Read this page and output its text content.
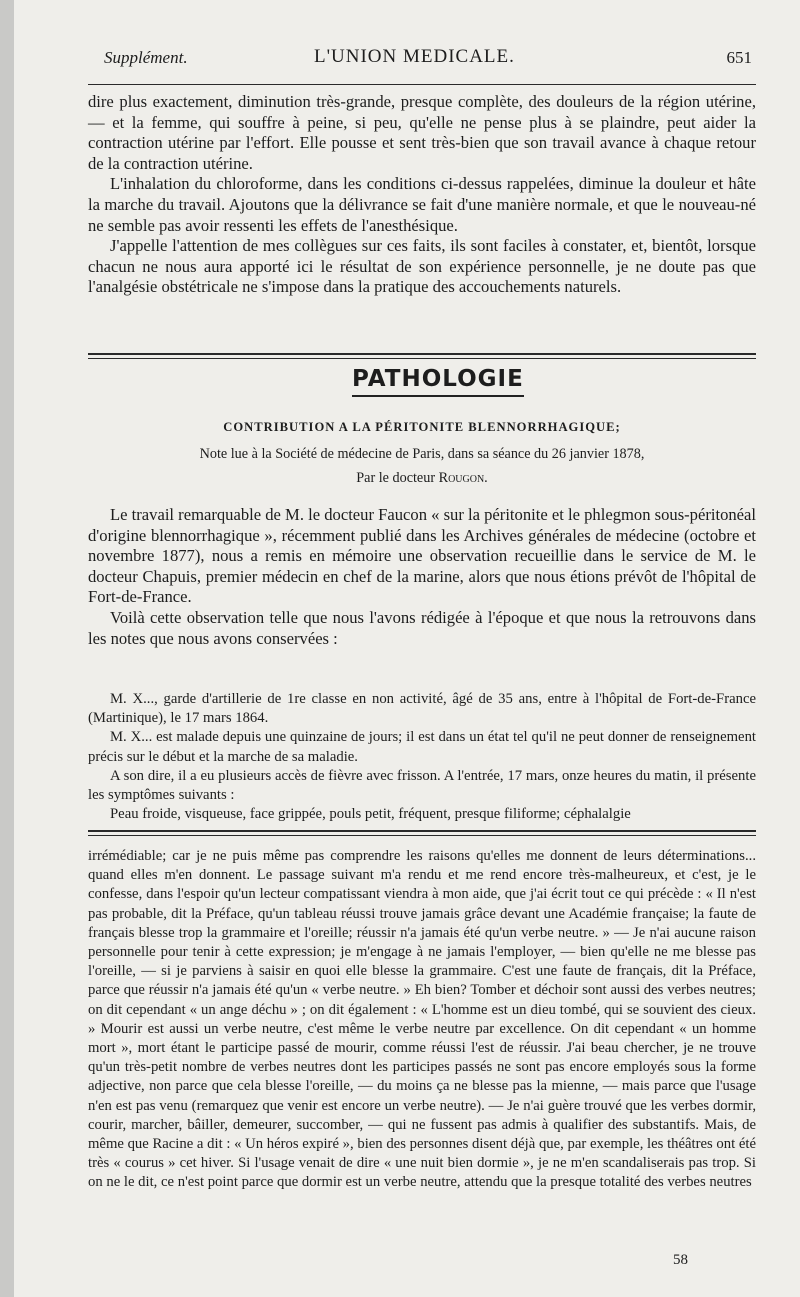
Supplément.	L'UNION MEDICALE.	651

dire plus exactement, diminution très-grande, presque complète, des douleurs de la région utérine, — et la femme, qui souffre à peine, si peu, qu'elle ne pense plus à se plaindre, peut aider la contraction utérine par l'effort. Elle pousse et sent très-bien que son travail avance à chaque retour de la contraction utérine.

L'inhalation du chloroforme, dans les conditions ci-dessus rappelées, diminue la douleur et hâte la marche du travail. Ajoutons que la délivrance se fait d'une manière normale, et que le nouveau-né ne semble pas avoir ressenti les effets de l'anesthésique.

J'appelle l'attention de mes collègues sur ces faits, ils sont faciles à constater, et, bientôt, lorsque chacun ne nous aura apporté ici le résultat de son expérience personnelle, je ne doute pas que l'analgésie obstétricale ne s'impose dans la pratique des accouchements naturels.

PATHOLOGIE
CONTRIBUTION A LA PÉRITONITE BLENNORRHAGIQUE;
Note lue à la Société de médecine de Paris, dans sa séance du 26 janvier 1878,
Par le docteur Rougon.

Le travail remarquable de M. le docteur Faucon « sur la péritonite et le phlegmon sous-péritonéal d'origine blennorrhagique », récemment publié dans les Archives générales de médecine (octobre et novembre 1877), nous a remis en mémoire une observation recueillie dans le service de M. le docteur Chapuis, premier médecin en chef de la marine, alors que nous étions prévôt de l'hôpital de Fort-de-France.

Voilà cette observation telle que nous l'avons rédigée à l'époque et que nous la retrouvons dans les notes que nous avons conservées :

M. X..., garde d'artillerie de 1re classe en non activité, âgé de 35 ans, entre à l'hôpital de Fort-de-France (Martinique), le 17 mars 1864.

M. X... est malade depuis une quinzaine de jours; il est dans un état tel qu'il ne peut donner de renseignement précis sur le début et la marche de sa maladie.

A son dire, il a eu plusieurs accès de fièvre avec frisson. A l'entrée, 17 mars, onze heures du matin, il présente les symptômes suivants :

Peau froide, visqueuse, face grippée, pouls petit, fréquent, presque filiforme; céphalalgie

irrémédiable; car je ne puis même pas comprendre les raisons qu'elles me donnent de leurs déterminations... quand elles m'en donnent. Le passage suivant m'a rendu et me rend encore très-malheureux, et c'est, je le confesse, dans l'espoir qu'un lecteur compatissant viendra à mon aide, que j'ai écrit tout ce qui précède : « Il n'est pas probable, dit la Préface, qu'un tableau réussi trouve jamais grâce devant une Académie française; la faute de français blesse trop la grammaire et l'oreille; réussir n'a jamais été qu'un verbe neutre. » — Je n'ai aucune raison personnelle pour tenir à cette expression; je m'engage à ne jamais l'employer, — bien qu'elle ne me blesse pas l'oreille, — si je parviens à saisir en quoi elle blesse la grammaire. C'est une faute de français, dit la Préface, parce que réussir n'a jamais été qu'un « verbe neutre. » Eh bien? Tomber et déchoir sont aussi des verbes neutres; on dit cependant « un ange déchu » ; on dit également : « L'homme est un dieu tombé, qui se souvient des cieux. » Mourir est aussi un verbe neutre, c'est même le verbe neutre par excellence. On dit cependant « un homme mort », mort étant le participe passé de mourir, comme réussi l'est de réussir. J'ai beau chercher, je ne trouve qu'un très-petit nombre de verbes neutres dont les participes passés ne sont pas encore employés sous la forme adjective, non parce que cela blesse l'oreille, — du moins ça ne blesse pas la mienne, — mais parce que l'usage n'en est pas venu (remarquez que venir est encore un verbe neutre). — Je n'ai guère trouvé que les verbes dormir, courir, marcher, bâiller, demeurer, succomber, — qui ne fussent pas admis à qualifier des substantifs. Mais, de même que Racine a dit : « Un héros expiré », bien des personnes disent déjà que, par exemple, les théâtres ont été très « courus » cet hiver. Si l'usage venait de dire « une nuit bien dormie », je ne m'en scandaliserais pas trop. Si on ne le dit, ce n'est point parce que dormir est un verbe neutre, attendu que la presque totalité des verbes neutres

58
